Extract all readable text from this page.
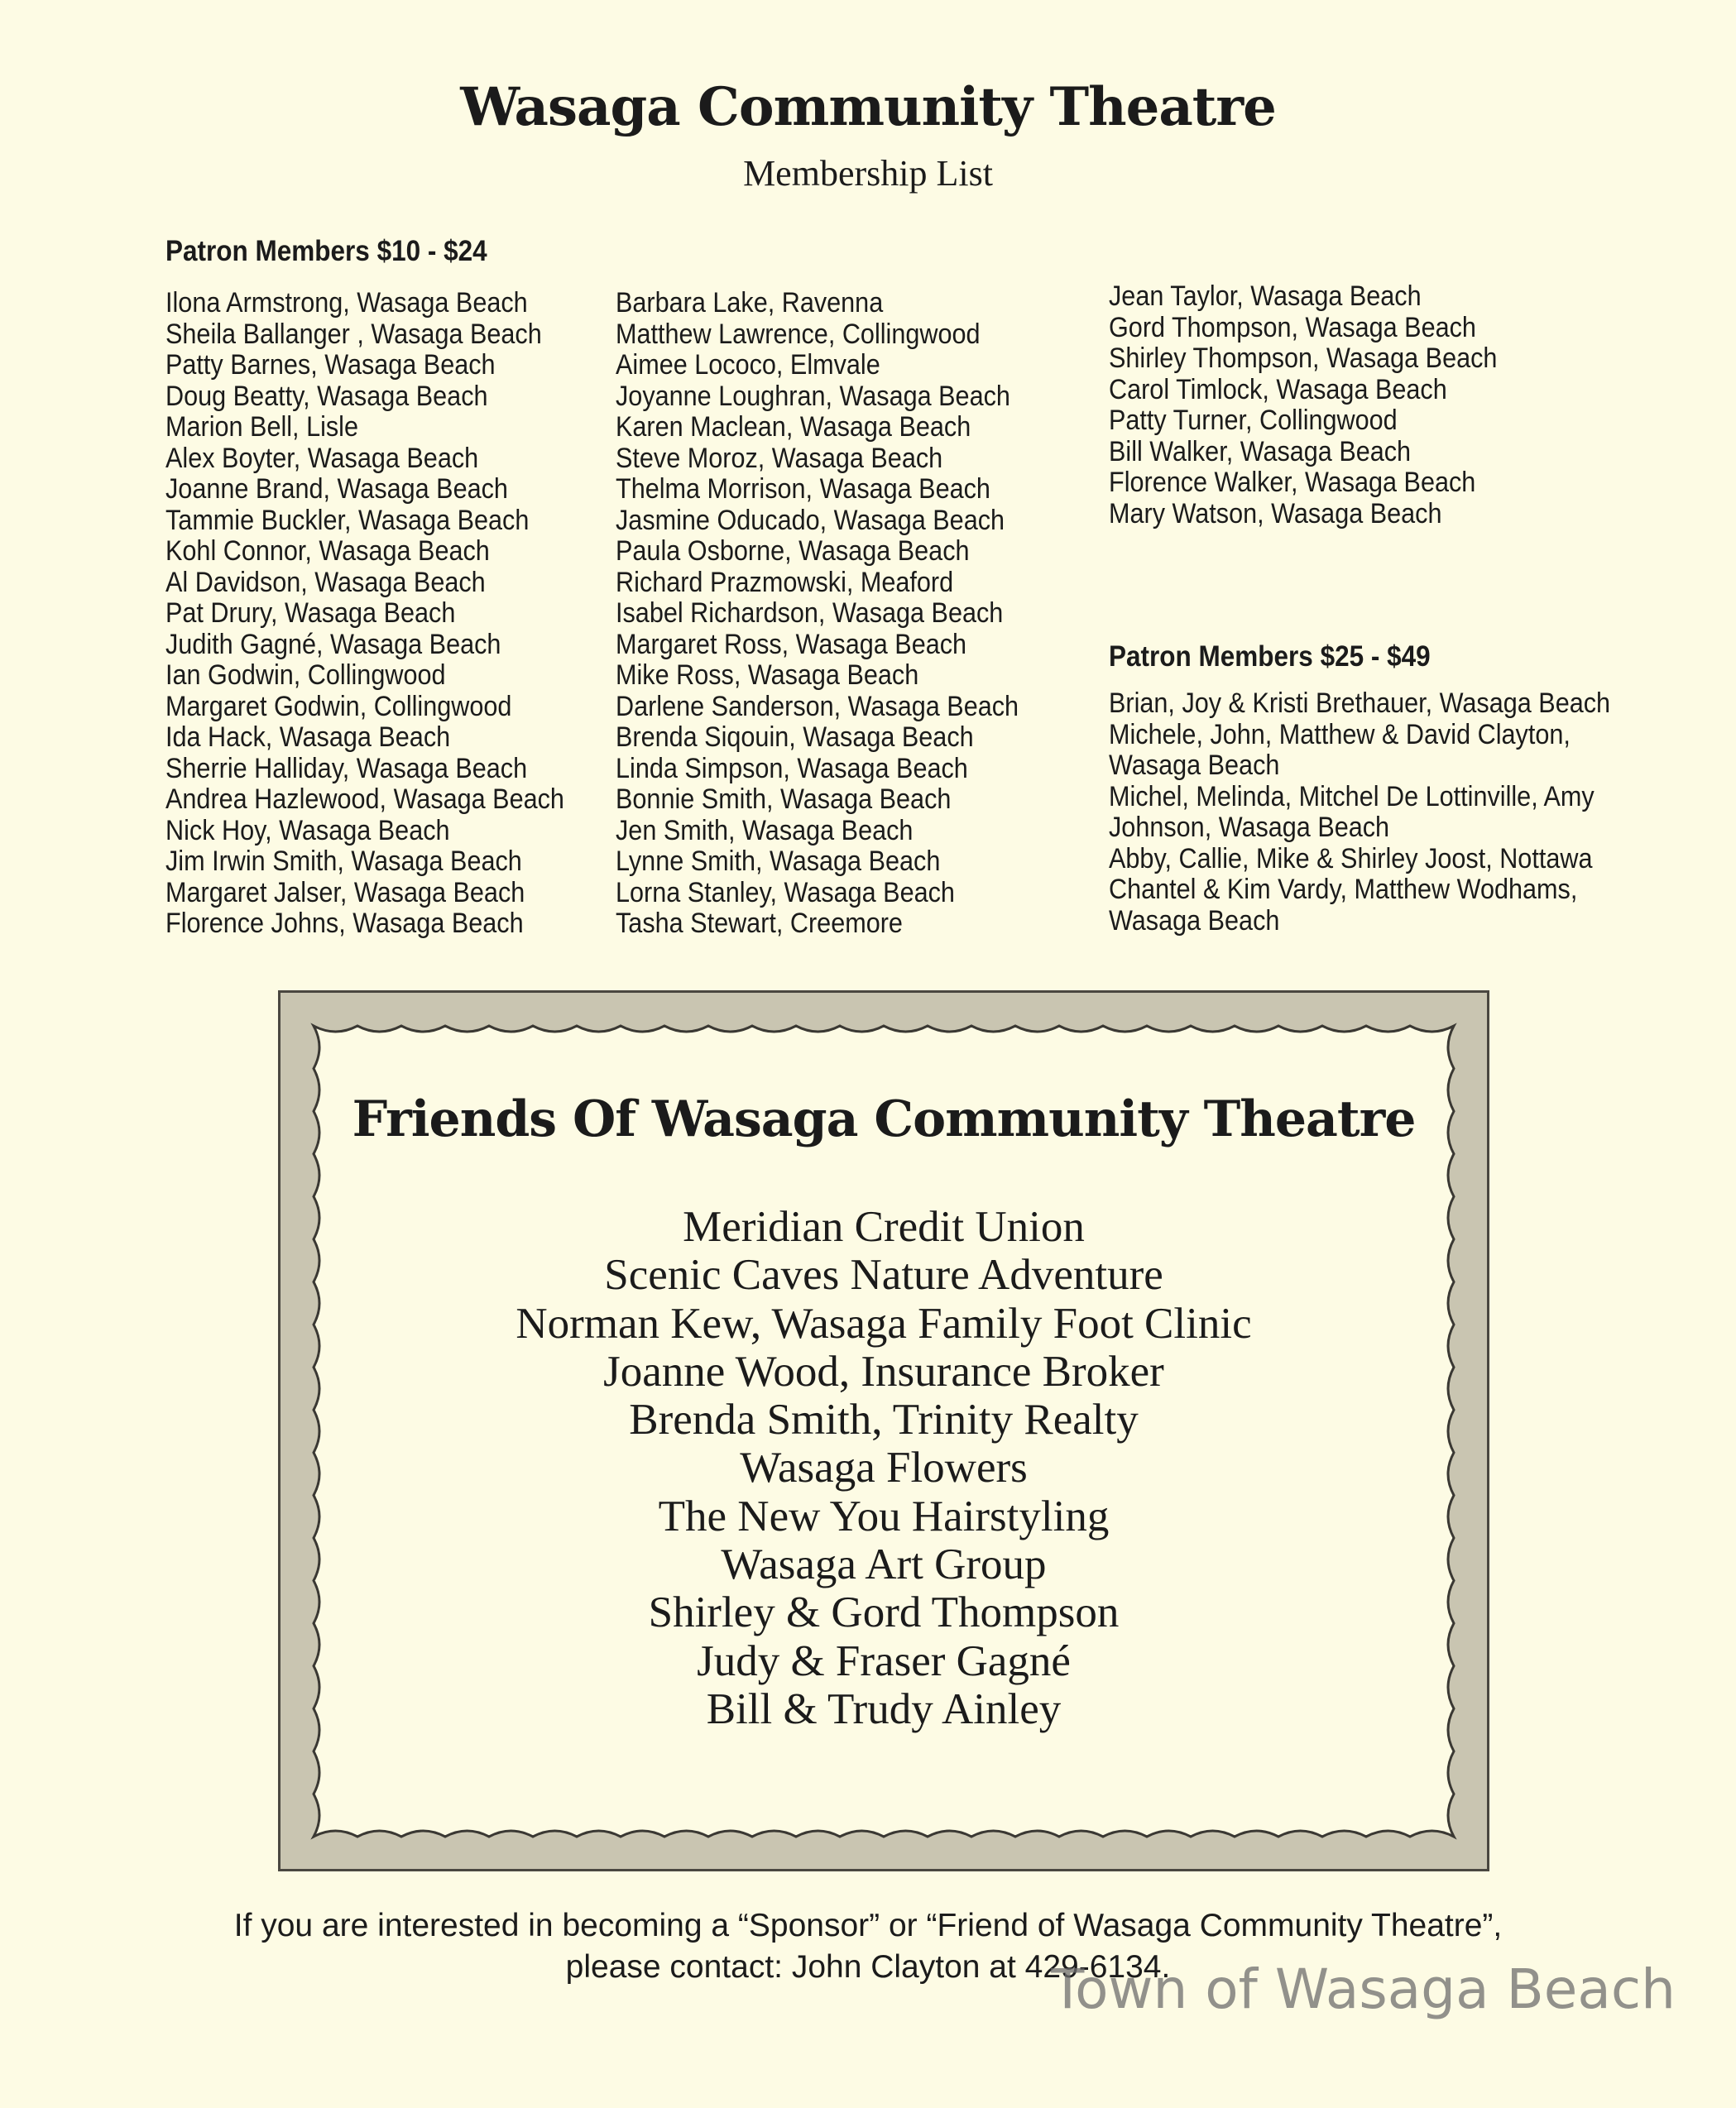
Wasaga Community Theatre
Membership List
Patron Members $10 - $24
Ilona Armstrong, Wasaga Beach
Sheila Ballanger , Wasaga Beach
Patty Barnes, Wasaga Beach
Doug Beatty, Wasaga Beach
Marion Bell, Lisle
Alex Boyter, Wasaga Beach
Joanne Brand, Wasaga Beach
Tammie Buckler, Wasaga Beach
Kohl Connor, Wasaga Beach
Al Davidson, Wasaga Beach
Pat Drury, Wasaga Beach
Judith Gagné, Wasaga Beach
Ian Godwin, Collingwood
Margaret Godwin, Collingwood
Ida Hack, Wasaga Beach
Sherrie Halliday, Wasaga Beach
Andrea Hazlewood, Wasaga Beach
Nick Hoy, Wasaga Beach
Jim Irwin Smith, Wasaga Beach
Margaret Jalser, Wasaga Beach
Florence Johns, Wasaga Beach
Barbara Lake, Ravenna
Matthew Lawrence, Collingwood
Aimee Lococo, Elmvale
Joyanne Loughran, Wasaga Beach
Karen Maclean, Wasaga Beach
Steve Moroz, Wasaga Beach
Thelma Morrison, Wasaga Beach
Jasmine Oducado, Wasaga Beach
Paula Osborne, Wasaga Beach
Richard Prazmowski, Meaford
Isabel Richardson, Wasaga Beach
Margaret Ross, Wasaga Beach
Mike Ross, Wasaga Beach
Darlene Sanderson, Wasaga Beach
Brenda Siqouin, Wasaga Beach
Linda Simpson, Wasaga Beach
Bonnie Smith, Wasaga Beach
Jen Smith, Wasaga Beach
Lynne Smith, Wasaga Beach
Lorna Stanley, Wasaga Beach
Tasha Stewart, Creemore
Jean Taylor, Wasaga Beach
Gord Thompson, Wasaga Beach
Shirley Thompson, Wasaga Beach
Carol Timlock, Wasaga Beach
Patty Turner, Collingwood
Bill Walker, Wasaga Beach
Florence Walker, Wasaga Beach
Mary Watson, Wasaga Beach
Patron Members $25 - $49
Brian, Joy & Kristi Brethauer, Wasaga Beach
Michele, John, Matthew & David Clayton,
Wasaga Beach
Michel, Melinda, Mitchel De Lottinville, Amy
Johnson, Wasaga Beach
Abby, Callie, Mike & Shirley Joost, Nottawa
Chantel & Kim Vardy, Matthew Wodhams,
Wasaga Beach
Friends Of Wasaga Community Theatre
Meridian Credit Union
Scenic Caves Nature Adventure
Norman Kew, Wasaga Family Foot Clinic
Joanne Wood, Insurance Broker
Brenda Smith, Trinity Realty
Wasaga Flowers
The New You Hairstyling
Wasaga Art Group
Shirley & Gord Thompson
Judy & Fraser Gagné
Bill & Trudy Ainley
If you are interested in becoming a “Sponsor” or “Friend of Wasaga Community Theatre”,
please contact: John Clayton at 429-6134.
Town of Wasaga Beach
